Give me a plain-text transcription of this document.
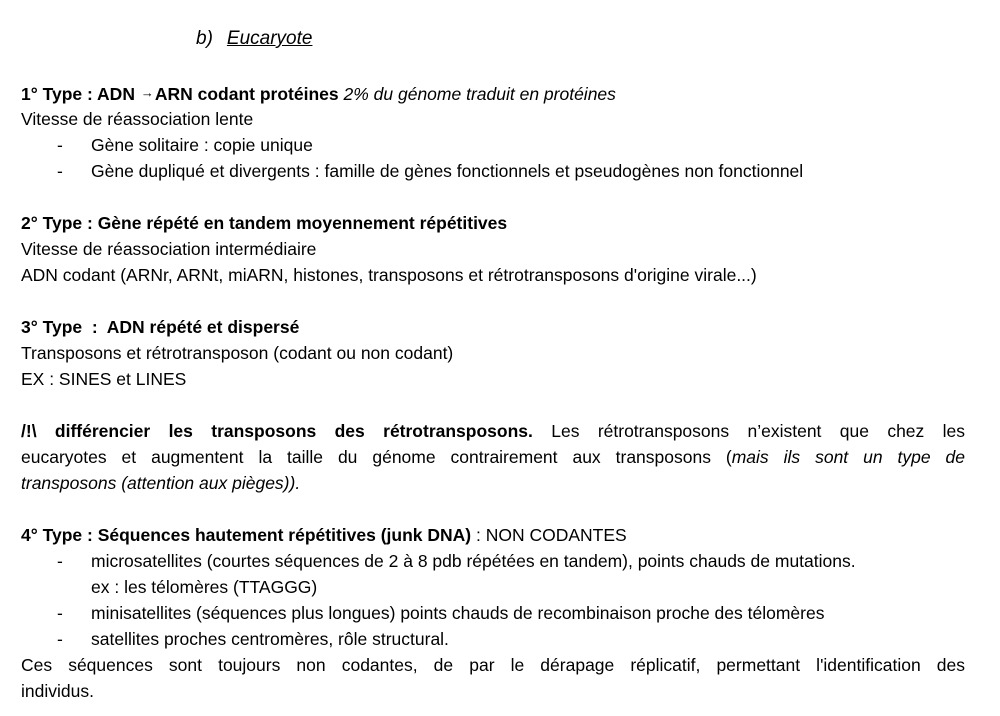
b) Eucaryote
1° Type : ADN →ARN codant protéines 2% du génome traduit en protéines
Vitesse de réassociation lente
- Gène solitaire : copie unique
- Gène dupliqué et divergents : famille de gènes fonctionnels et pseudogènes non fonctionnel
2° Type : Gène répété en tandem moyennement répétitives
Vitesse de réassociation intermédiaire
ADN codant (ARNr, ARNt, miARN, histones, transposons et rétrotransposons d'origine virale...)
3° Type  :  ADN répété et dispersé
Transposons et rétrotransposon (codant ou non codant)
EX : SINES et LINES
/!\ différencier les transposons des rétrotransposons. Les rétrotransposons n’existent que chez les
eucaryotes et augmentent la taille du génome contrairement aux transposons (mais ils sont un type de
transposons (attention aux pièges)).
4° Type : Séquences hautement répétitives (junk DNA) : NON CODANTES
- microsatellites (courtes séquences de 2 à 8 pdb répétées en tandem), points chauds de mutations.
ex : les télomères (TTAGGG)
- minisatellites (séquences plus longues) points chauds de recombinaison proche des télomères
- satellites proches centromères, rôle structural.
Ces séquences sont toujours non codantes, de par le dérapage réplicatif, permettant l'identification des
individus.
